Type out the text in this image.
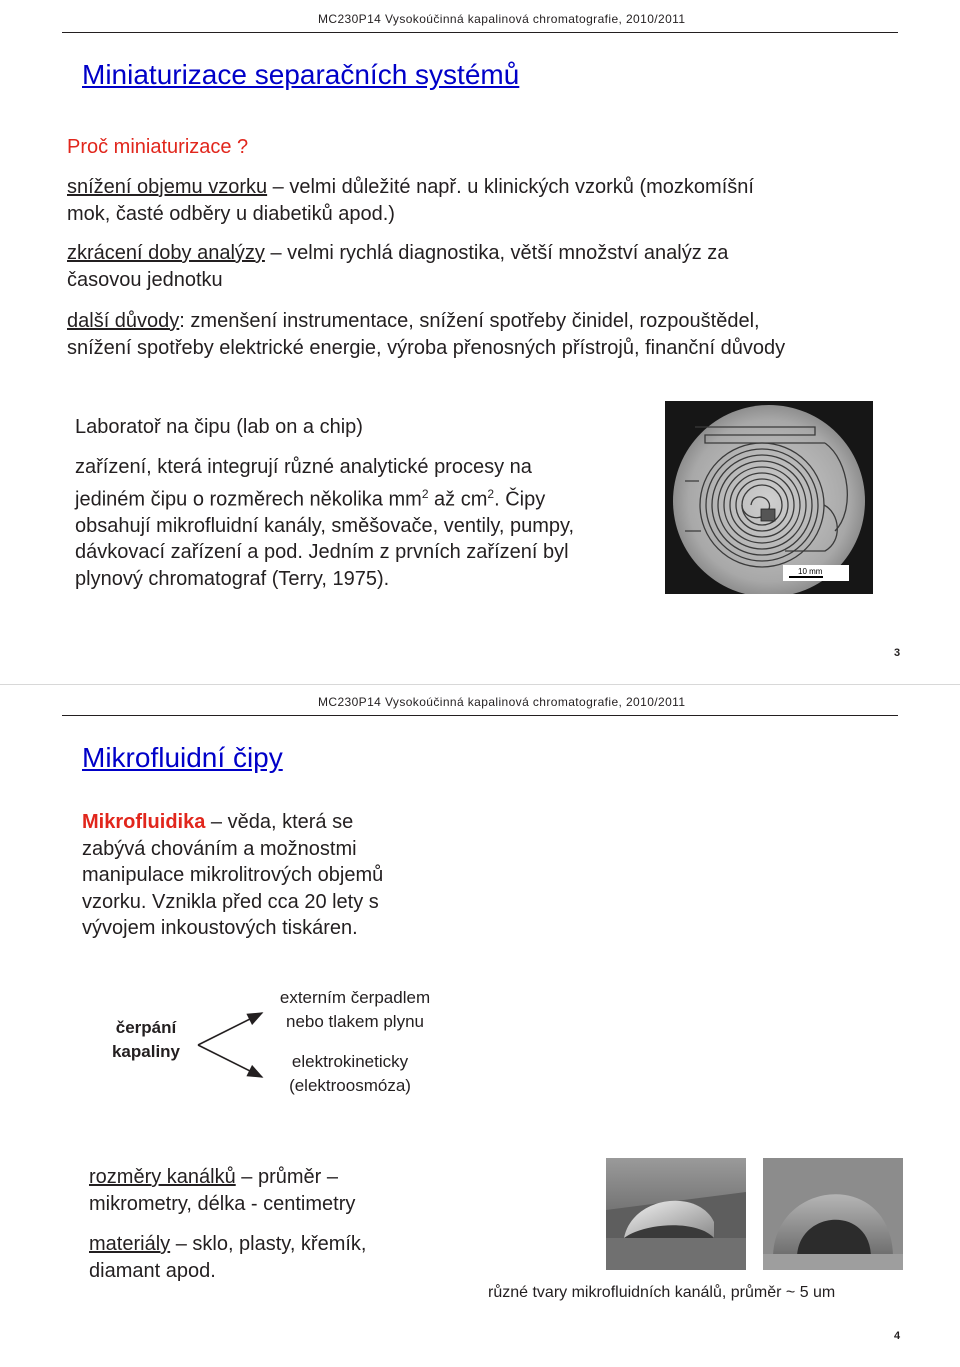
MC230P14 Vysokoúčinná kapalinová chromatografie, 2010/2011
Miniaturizace separačních systémů
Proč miniaturizace ?
snížení objemu vzorku – velmi důležité např. u klinických vzorků (mozkomíšní
mok, časté odběry u diabetiků apod.)
zkrácení doby analýzy – velmi rychlá diagnostika, větší množství analýz za
časovou jednotku
další důvody: zmenšení instrumentace, snížení spotřeby činidel, rozpouštědel,
snížení spotřeby elektrické energie, výroba přenosných přístrojů, finanční důvody
Laboratoř na čipu (lab on a chip)
zařízení, která integrují různé analytické procesy na
jediném čipu o rozměrech několika $mm^2$ až $cm^2$. Čipy
obsahují mikrofluidní kanály, směšovače, ventily, pumpy,
dávkovací zařízení a pod. Jedním z prvních zařízení byl
plynový chromatograf (Terry, 1975).	10 mm
3
MC230P14 Vysokoúčinná kapalinová chromatografie, 2010/2011
Mikrofluidní čipy
Mikrofluidika – věda, která se
zabývá chováním a možnostmi
manipulace mikrolitrových objemů
vzorku. Vznikla před cca 20 lety s
vývojem inkoustových tiskáren.
čerpání
kapaliny
externím čerpadlem
nebo tlakem plynu
elektrokineticky
(elektroosmóza)
rozměry kanálků – průměr –
mikrometry, délka - centimetry
materiály – sklo, plasty, křemík,
diamant apod.
různé tvary mikrofluidních kanálů, průměr ~ 5 um
4
